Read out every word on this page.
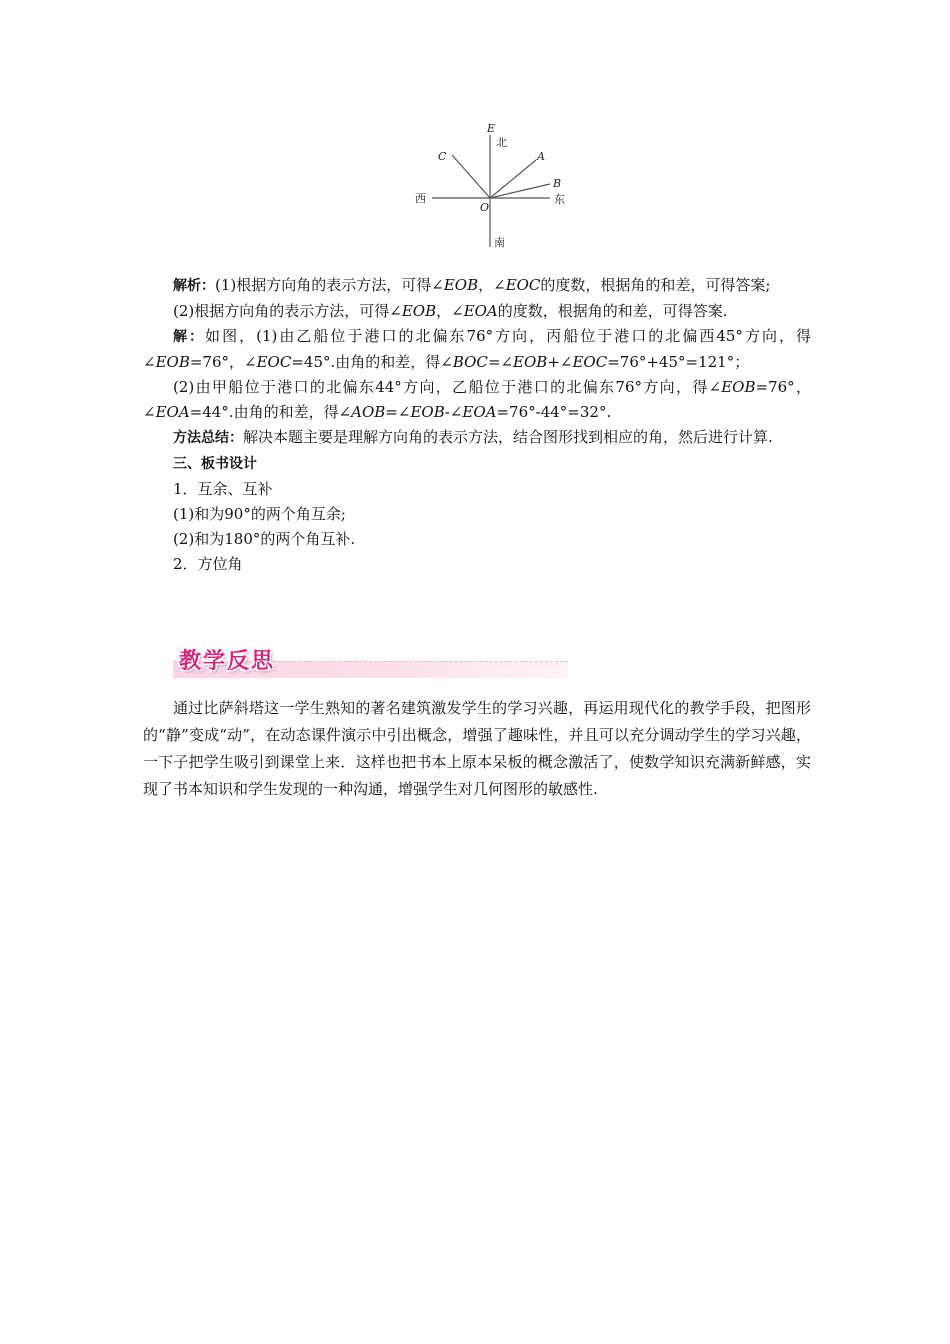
E
北
C	A
B
西
O
东
南

解析：(1)根据方向角的表示方法，可得∠EOB，∠EOC的度数，根据角的和差，可得答案;

(2)根据方向角的表示方法，可得∠EOB，∠EOA的度数，根据角的和差，可得答案.

解：如图，(1)由乙船位于港口的北偏东76°方向，丙船位于港口的北偏西45°方向，得∠EOB=76°，∠EOC=45°.由角的和差，得∠BOC=∠EOB+∠EOC=76°+45°=121°；

(2)由甲船位于港口的北偏东44°方向，乙船位于港口的北偏东76°方向，得∠EOB=76°，∠EOA=44°.由角的和差，得∠AOB=∠EOB-∠EOA=76°-44°=32°.

方法总结：解决本题主要是理解方向角的表示方法，结合图形找到相应的角，然后进行计算.

三、板书设计

1．互余、互补

(1)和为90°的两个角互余;

(2)和为180°的两个角互补.

2．方位角

教学反思

通过比萨斜塔这一学生熟知的著名建筑激发学生的学习兴趣，再运用现代化的教学手段，把图形的“静”变成“动”，在动态课件演示中引出概念，增强了趣味性，并且可以充分调动学生的学习兴趣，一下子把学生吸引到课堂上来．这样也把书本上原本呆板的概念激活了，使数学知识充满新鲜感，实现了书本知识和学生发现的一种沟通，增强学生对几何图形的敏感性.
